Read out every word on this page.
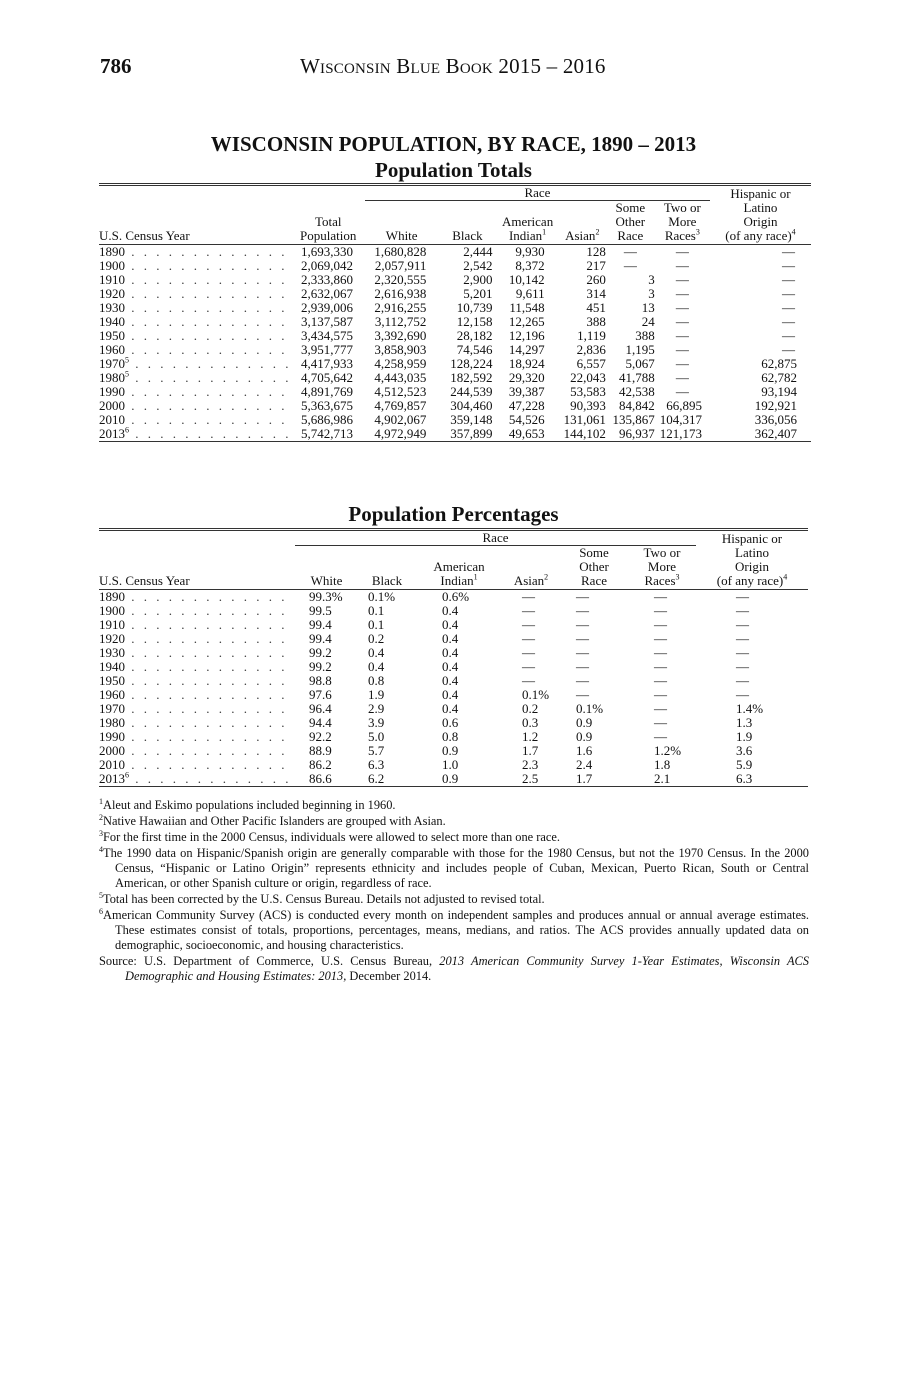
786	Wisconsin Blue Book 2015 – 2016
WISCONSIN POPULATION, BY RACE, 1890 – 2013
Population Totals
		Race						Hispanic or
						Some	Two or	Latino
	Total			American		Other	More	Origin
U.S. Census Year	Population	White	Black	Indian$^1$	Asian$^2$	Race	Races$^3$	(of any race)$^4$
1890 . . . . . . . . . . . . .	1,693,330	1,680,828	2,444	9,930	128	—	—	—
1900 . . . . . . . . . . . . .	2,069,042	2,057,911	2,542	8,372	217	—	—	—
1910 . . . . . . . . . . . . .	2,333,860	2,320,555	2,900	10,142	260	3	—	—
1920 . . . . . . . . . . . . .	2,632,067	2,616,938	5,201	9,611	314	3	—	—
1930 . . . . . . . . . . . . .	2,939,006	2,916,255	10,739	11,548	451	13	—	—
1940 . . . . . . . . . . . . .	3,137,587	3,112,752	12,158	12,265	388	24	—	—
1950 . . . . . . . . . . . . .	3,434,575	3,392,690	28,182	12,196	1,119	388	—	—
1960 . . . . . . . . . . . . .	3,951,777	3,858,903	74,546	14,297	2,836	1,195	—	—
1970$^5$ . . . . . . . . . . . . .	4,417,933	4,258,959	128,224	18,924	6,557	5,067	—	62,875
1980$^5$ . . . . . . . . . . . . .	4,705,642	4,443,035	182,592	29,320	22,043	41,788	—	62,782
1990 . . . . . . . . . . . . .	4,891,769	4,512,523	244,539	39,387	53,583	42,538	—	93,194
2000 . . . . . . . . . . . . .	5,363,675	4,769,857	304,460	47,228	90,393	84,842	66,895	192,921
2010 . . . . . . . . . . . . .	5,686,986	4,902,067	359,148	54,526	131,061	135,867	104,317	336,056
2013$^6$ . . . . . . . . . . . . .	5,742,713	4,972,949	357,899	49,653	144,102	96,937	121,173	362,407
Population Percentages
	Race						Hispanic or
					Some	Two or	Latino
			American		Other	More	Origin
U.S. Census Year	White	Black	Indian$^1$	Asian$^2$	Race	Races$^3$	(of any race)$^4$
1890 . . . . . . . . . . . . .	99.3%	0.1%	0.6%	—	—	—	—
1900 . . . . . . . . . . . . .	99.5	0.1	0.4	—	—	—	—
1910 . . . . . . . . . . . . .	99.4	0.1	0.4	—	—	—	—
1920 . . . . . . . . . . . . .	99.4	0.2	0.4	—	—	—	—
1930 . . . . . . . . . . . . .	99.2	0.4	0.4	—	—	—	—
1940 . . . . . . . . . . . . .	99.2	0.4	0.4	—	—	—	—
1950 . . . . . . . . . . . . .	98.8	0.8	0.4	—	—	—	—
1960 . . . . . . . . . . . . .	97.6	1.9	0.4	0.1%	—	—	—
1970 . . . . . . . . . . . . .	96.4	2.9	0.4	0.2	0.1%	—	1.4%
1980 . . . . . . . . . . . . .	94.4	3.9	0.6	0.3	0.9	—	1.3
1990 . . . . . . . . . . . . .	92.2	5.0	0.8	1.2	0.9	—	1.9
2000 . . . . . . . . . . . . .	88.9	5.7	0.9	1.7	1.6	1.2%	3.6
2010 . . . . . . . . . . . . .	86.2	6.3	1.0	2.3	2.4	1.8	5.9
2013$^6$ . . . . . . . . . . . . .	86.6	6.2	0.9	2.5	1.7	2.1	6.3

$^1$Aleut and Eskimo populations included beginning in 1960.

$^2$Native Hawaiian and Other Pacific Islanders are grouped with Asian.

$^3$For the first time in the 2000 Census, individuals were allowed to select more than one race.

$^4$The 1990 data on Hispanic/Spanish origin are generally comparable with those for the 1980 Census, but not the 1970 Census. In the 2000 Census, “Hispanic or Latino Origin” represents ethnicity and includes people of Cuban, Mexican, Puerto Rican, South or Central American, or other Spanish culture or origin, regardless of race.

$^5$Total has been corrected by the U.S. Census Bureau. Details not adjusted to revised total.

$^6$American Community Survey (ACS) is conducted every month on independent samples and produces annual or annual average estimates. These estimates consist of totals, proportions, percentages, means, medians, and ratios. The ACS provides annually updated data on demographic, socioeconomic, and housing characteristics.

Source: U.S. Department of Commerce, U.S. Census Bureau, 2013 American Community Survey 1-Year Estimates, Wisconsin ACS Demographic and Housing Estimates: 2013, December 2014.
